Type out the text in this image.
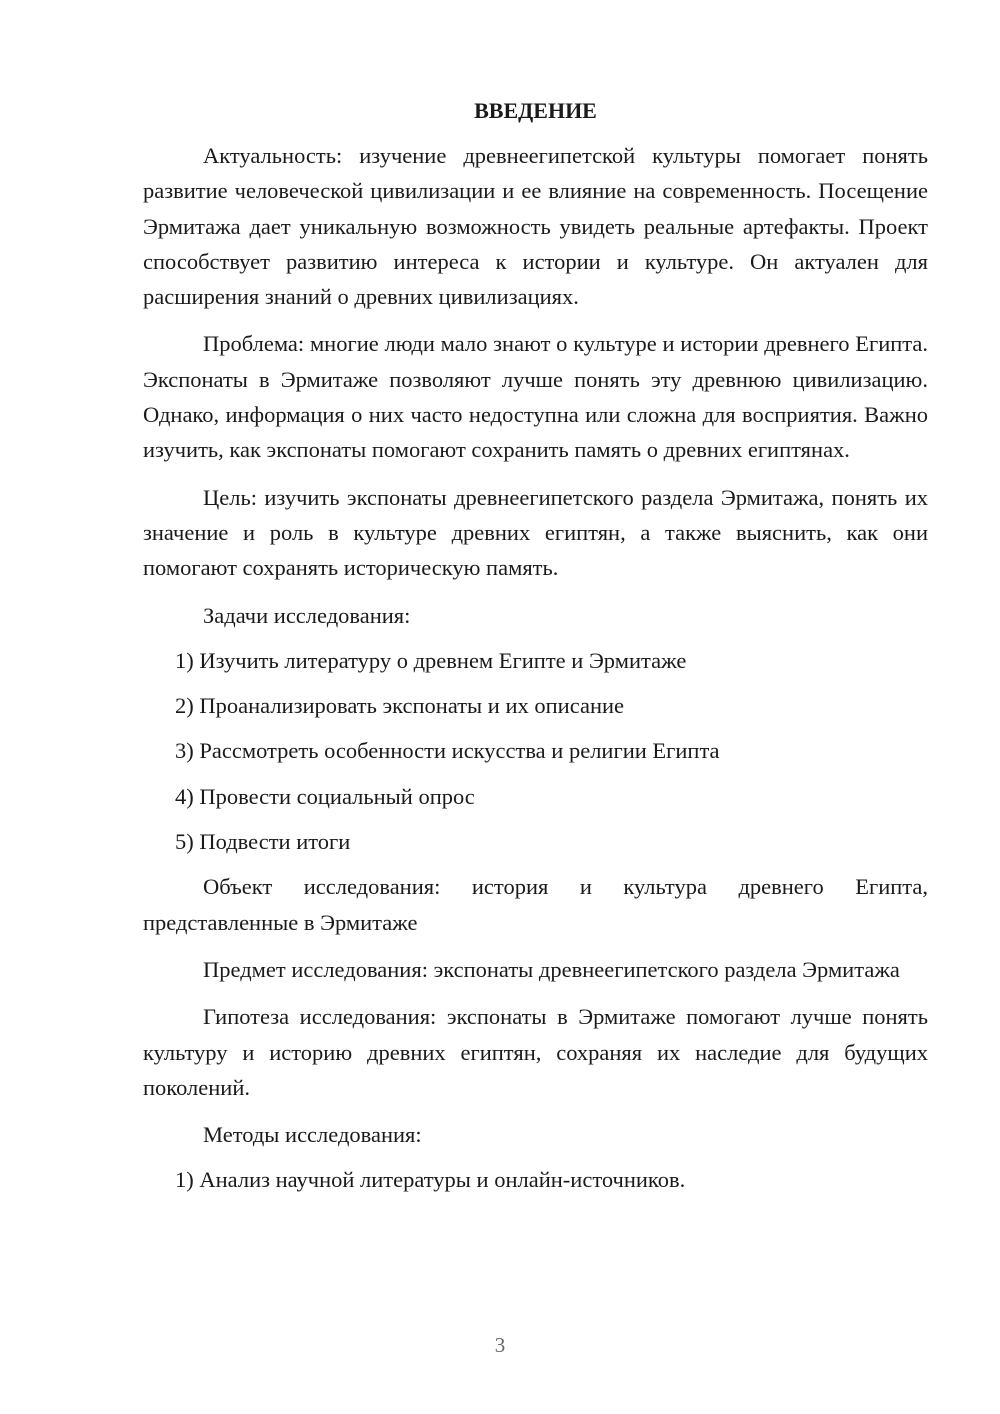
ВВЕДЕНИЕ

Актуальность: изучение древнеегипетской культуры помогает понять развитие человеческой цивилизации и ее влияние на современность. Посещение Эрмитажа дает уникальную возможность увидеть реальные артефакты. Проект способствует развитию интереса к истории и культуре. Он актуален для расширения знаний о древних цивилизациях.

Проблема: многие люди мало знают о культуре и истории древнего Египта. Экспонаты в Эрмитаже позволяют лучше понять эту древнюю цивилизацию. Однако, информация о них часто недоступна или сложна для восприятия. Важно изучить, как экспонаты помогают сохранить память о древних египтянах.

Цель: изучить экспонаты древнеегипетского раздела Эрмитажа, понять их значение и роль в культуре древних египтян, а также выяснить, как они помогают сохранять историческую память.

Задачи исследования:

1) Изучить литературу о древнем Египте и Эрмитаже
2) Проанализировать экспонаты и их описание
3) Рассмотреть особенности искусства и религии Египта
4) Провести социальный опрос
5) Подвести итоги

Объект исследования: история и культура древнего Египта, представленные в Эрмитаже

Предмет исследования: экспонаты древнеегипетского раздела Эрмитажа

Гипотеза исследования: экспонаты в Эрмитаже помогают лучше понять культуру и историю древних египтян, сохраняя их наследие для будущих поколений.

Методы исследования:

1) Анализ научной литературы и онлайн-источников.
3
